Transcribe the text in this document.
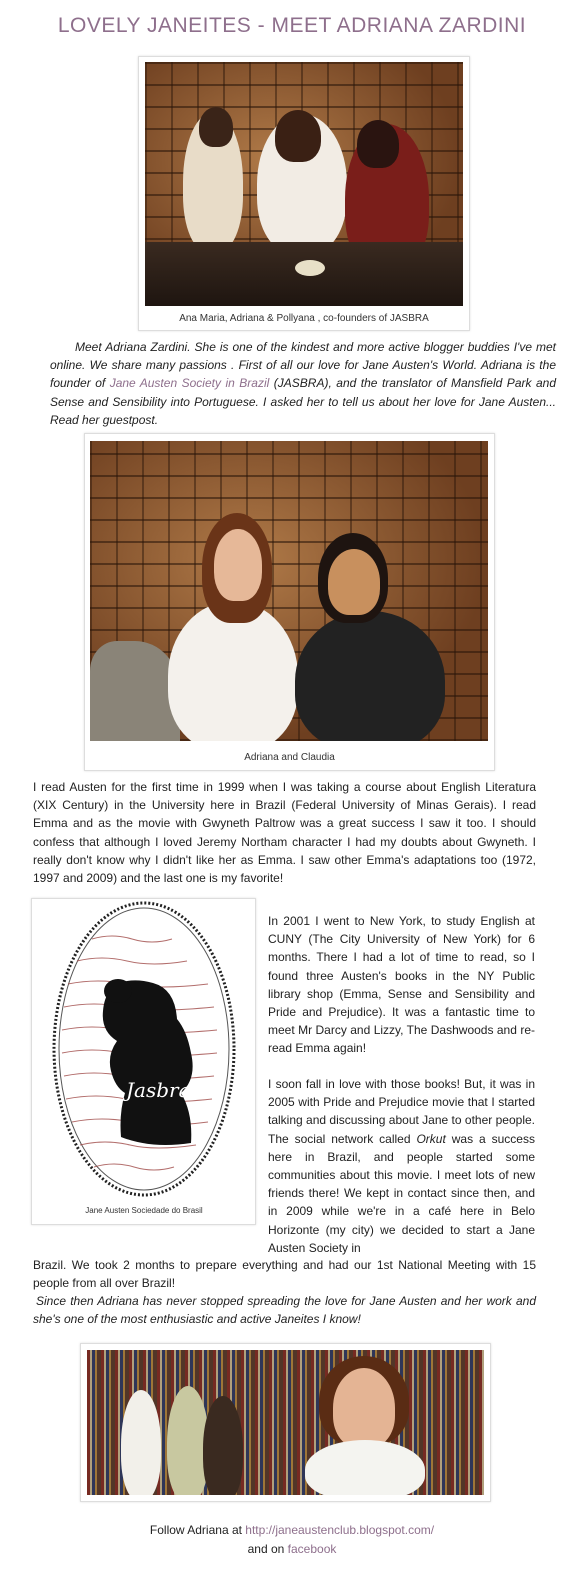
LOVELY JANEITES - MEET ADRIANA ZARDINI
Ana Maria, Adriana & Pollyana , co-founders of JASBRA
Meet Adriana Zardini. She is one of the kindest and more active blogger buddies I've met online. We share many passions . First of all our love for Jane Austen's World. Adriana is the founder of Jane Austen Society in Brazil (JASBRA), and the translator of Mansfield Park and Sense and Sensibility into Portuguese. I asked her to tell us about her love for Jane Austen... Read her guestpost.
Adriana and Claudia
I read Austen for the first time in 1999 when I was taking a course about English Literatura (XIX Century) in the University here in Brazil (Federal University of Minas Gerais). I read Emma and as the movie with Gwyneth Paltrow was a great success I saw it too. I should confess that although I loved Jeremy Northam character I had my doubts about Gwyneth. I really don't know why I didn't like her as Emma. I saw other Emma's adaptations too (1972, 1997 and 2009) and the last one is my favorite!
Jasbra
Jane Austen Sociedade do Brasil
In 2001 I went to New York, to study English at CUNY (The City University of New York) for 6 months. There I had a lot of time to read, so I found three Austen's books in the NY Public library shop (Emma, Sense and Sensibility and Pride and Prejudice). It was a fantastic time to meet Mr Darcy and Lizzy, The Dashwoods and re-read Emma again!
I soon fall in love with those books! But, it was in 2005 with Pride and Prejudice movie that I started talking and discussing about Jane to other people. The social network called Orkut was a success here in Brazil, and people started some communities about this movie. I meet lots of new friends there! We kept in contact since then, and in 2009 while we're in a café here in Belo Horizonte (my city) we decided to start a Jane Austen Society in
Brazil. We took 2 months to prepare everything and had our 1st National Meeting with 15 people from all over Brazil!
Since then Adriana has never stopped spreading the love for Jane Austen and her work and she's one of the most enthusiastic and active Janeites I know!
Follow Adriana at http://janeaustenclub.blogspot.com/
and on facebook
